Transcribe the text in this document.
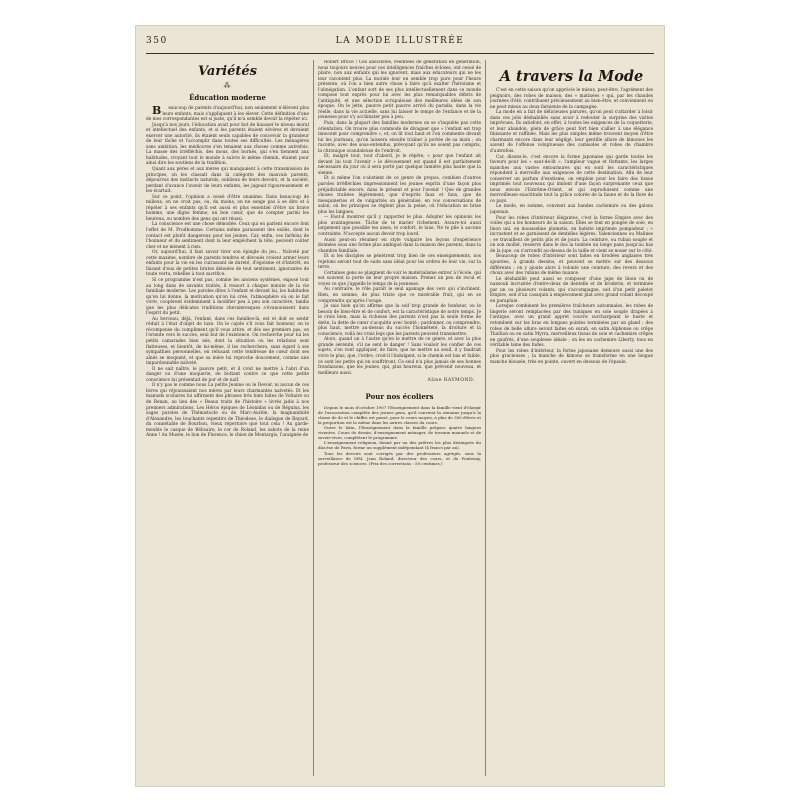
350	LA MODE ILLUSTRÉE
Variétés
⁂
Éducation moderne

B eaucoup de parents d'aujourd'hui, non seulement n'élèvent plus leurs enfants, mais s'appliquent à les élever. Cette définition d'une de mes correspondantes est si juste, qu'il m'a semblé devoir la répéter ici.

Jusqu'à nos jours, l'éducation avait pour but de hausser le niveau moral et intellectuel des enfants, et si les parents étaient sévères et devaient exercer une autorité, ils étaient seuls capables de concevoir la grandeur de leur tâche et l'accomplir dans toutes ses difficultés. Les ménagères sans ambition, les médiocres s'en tenaient aux choses comme autrefois. La masse des irréfléchis, des mous, des bornés, qui s'en tiennent aux habitudes, croyant tout le monde à suivre le même chemin, étaient pour ainsi dire les soutiens de la tradition.

Quant aux pères et aux mères qui manquaient à cette transmission de principes, on les classait dans la catégorie des mauvais parents, dépourvus des instincts naturels, oublieux de leurs devoirs, et la société, perdant d'avance l'avenir de leurs enfants, les jugeait rigoureusement et les écartait.

Sur ce point, l'opinion a cessé d'être unanime. Dans beaucoup de milieux, on ne croit pas, ou, du moins, on ne songe pas à se dire et à répéter à ses enfants qu'il est aussi et plus essentiel d'être un brave homme, une digne femme, un bon cœur, que de compter parmi les heureux, ou nombre des gens qui ont réussi.

La conscience est une chose démodée. Ceux qui en parlent encore font l'effet de M. Prudhomme. Certains même paraissent des exilés, dont le contact est plutôt dangereux pour les jeunes. Car, enfin, ces farfelus de l'honneur et du sentiment dont la leur empêchent la tête, peuvent coûter cher et ne mènent à rien.

Or, aujourd'hui, il faut savoir tirer son épingle du jeu... Naïveté par cette maxime, nombre de parents tendres et dévoués croient armer leurs enfants pour la vie en les cuirassant de dureté, d'égoïsme et d'intérêt, en faisant d'eux de petites brutes dénuées de tout sentiment, ignorantes de toute vertu, rebelles à tout sacrifice.

Si ce programme n'est pas, comme les anciens systèmes, exposé tout au long dans de savants traités, il ressort à chaque minute de la vie familiale moderne. Les paroles dites à l'enfant et devant lui, les habitudes qu'on lui donne, la motivation qu'on lui crée, l'atmosphère où on le fait vivre, coopèrent évidemment à modifier peu à peu son caractère, tandis que les plus délicates traditions chevaleresques s'évanouissent dans l'esprit du petit.

Au berceau, déjà, l'enfant, dans ces familles-là, est et doit se sentir réduit à l'état d'objet de luxe. On le cajole s'il vous fait honneur, on le récompense du compliment qu'il vous attire, et dès ses premiers pas, on l'oriente vers le succès, seul but de l'existence. On recherche pour lui les petits camarades bien nés, dont la situation ou les relations sont flatteuses, et bientôt, de lui-même, il les recherchera, sans égard à ses sympathies personnelles, en refusant cette tendresse de cœur dont ses aînés se moquent, et que sa mère lui reproche doucement, comme une impardonnable naïveté.

Il ne sait naître, le pauvre petit, et il croit ne mettre à l'abri d'un danger ou d'une moquerie, en bottant contre ce que cette petite conscience lui présentait de pur et de naïf.

Il n'y pas le comme nous La petite Jeanne ou le Devoir, ni aucun de ces livres qui réjouissaient nos mères par leurs charmantes naïvetés. Et les manuels scolaires lui affirment des phrases très bien faites de Voltaire ou de Renan, au lieu des « Beaux traits de l'histoire » livrés jadis à nos premiers admirations. Les Héros épiques de Léonidas ou de Régulus, les sages paroles de Thémistocle ou de Marc-Aurèle, la magnanimité d'Alexandre, les touchants repentirs de Théodose, le dialogue de Bayard, du connétable de Bourbon, vieux répertoire que tout cela ! Au garde-meuble le casque de Bélisaire, le cor de Roland, les sabots de la reine Anne ! Au Musée, le lion de Florence, le chien de Montargis, l'araignée de

Robert Bruce ! Ces anecdotes, rééditées de génération en génération, nous toujours neuves pour ces intelligences fraîches écloses, ont cessé de plaire, non aux enfants qui les ignorent, mais aux éducateurs qui ne les leur racontent plus. La morale leur en semble trop pure pour l'heure présente, où l'on a bien autre chose à faire qu'à exalter l'héroïsme et l'abnégation. L'enfant sort de ses plus intellectuellement dans ce monde composé tout exprès pour lui avec les plus remarquables débris de l'antiquité, et une sélection scrupuleuse des meilleures idées de son époque. On le jette, pauvre petit pauvre arrivé du paradis, dans la vie réelle, dans la vie actuelle, sans lui laisser le temps de l'enfance et de la jeunesse pour s'y acclimater peu à peu.

Puis, dans la plupart des familles modernes on se s'inquiète pas cette orientation. On trouve plus commode de divaguer que « l'enfant est trop innocent pour comprendre », et, on lit tout haut et l'on commente devant lui les journaux, qu'on laissera ensuite traîner à portée de sa main ; on raconte, avec des sous-entendus, prévoyant qu'ils ne soient pas compris, la chronique scandaleuse de l'endroit.

Et, malgré tout, tout d'abord, je le répète, « pour que l'enfant ait devant lui tout l'avenir » le dévouement est quand il est parfaitement nécessaire du jour où il sera porté par quelque lumière plus haute que la sienne.

Et si même l'on s'abstient de ce genre de propos, combien d'autres paroles irréfléchies impressionnent les jeunes esprits d'une façon plus préjudiciable encore, dans le présent et pour l'avenir ! Que de grandes choses traitées légèrement, que d'esprits faux et faux, que de mesquineries et de vulgarités on généralisé, en vos conversations de salon, où les principes se règlent plus la peine, où l'éducation se brise plus les langues.

— Faut-il montrer qu'il y rapporter le plus. Adopter les opinions les plus avantageuses. Tâche de te marier richement. Assure-toi aussi largement que possible tes aises, le confort, le luxe. Ne te plie à aucune contrainte. N'accepte aucun devoir trop lourd.

Aussi peut-on résumer en style vulgaire les leçons d'expérience données sous une forme plus ambiguë dans la maison des parents, dans la chambre familiale.

Et si les disciples se pénètrent trop bien de ces enseignements, nos rejetons seront tout de suite sans idéal pour les ordres de leur vie, sur la terre.

Certaines gens se plaignent de voir le matérialisme entrer à l'école, qui est souvent la porte de leur propre maison. Prenez un peu de recul et voyez ce que j'appelle le temps de la jeunesse.

Au contraire, le rôle paraît le seul apanage des vers qui s'inclinent. Rien, en somme, de plus triste que ce misérable fruit, qui en se comprendra qu'après l'orage.

Je sais bien qu'on affirme que la soif trop grande de bonheur, ou le besoin de bien-être et de confort, est la caractéristique de notre temps. Je le crois bien, mais la richesse des parents n'est pas la seule forme de dette, la dette de cœur s'acquitte avec bonté ; pardonner, ou comprendre, plus haut, mettre au-dessus du succès l'honnêteté, la droiture et la conscience, voilà les vrais legs que les parents peuvent transmettre.

Alors, quand un à l'autre qu'en le mettre de ce genre, et avec la plus grande sérénité, s'il ne sent le danger ! Sans vouloir les confier de ces sujets, s'en vont appliquer, de faire, que ne mettre au seuil, il y faudrait vivre le plus, que, l'ordre, croit-il l'indulgent, si le chemin est bas et faible, ce sont les petits qui en souffriront. Ce seul n'a plus jamais de ses bonnes frondaisons, que les jeunes, qui, plus heureux, que prévenir nouveau, et meilleurs aussi.

Aline RAYMOND.
Pour nos écoliers

Depuis le mois d'octobre 1907 l'Enseignement dans la famille vient d'élargir de l'association complète des jeunes gens, qu'il convient la semaine jusqu'à la classe de 4e et le chiffre est passé, pour le cours moyen, à plus de 300 élèves et la proportion est la même dans les autres classes du cours.

Outre le latin, l'Enseignement dans la famille prépare quatre langues vivantes. Cours de dessin, d'enseignement ménager, de travaux manuels et de savoir-vivre, complètent le programme.

L'enseignement religieux, donné par un des prêtres les plus distingués du diocèse de Paris, forme un supplément indépendant (4 francs par an).

Tous les devoirs sont corrigés par des professeurs agrégés, sous la surveillance de MM. Jean Roland, directeur des cours, et de Fontenay, professeur des sciences. (Prix des corrections : 50 centimes.)

A travers la Mode

C'est en cette saison qu'on apprécie le mieux, peut-être, l'agrément des peignoirs, des robes de maison, des « matinées » qui, par les chaudes journées d'été, contribuent précieusement au bien-être, et conviennent on ne peut mieux au doux farniente de la campagne.

La mode en a fait de délicieuses parures, qu'on peut s'attarder à loisir dans ces jolis déshabillés sans avoir à redouter la surprise des visites imprévues. Ils satisfont, en effet, à toutes les exigences de la coquetterie, et leur abandon, plein de grâce peut fort bien s'allier à une élégance finissante et raffinée. Mais les plus simples même trouvent moyen d'être charmants encore dans leur négligé, leur gentille allure de kimonos les savent de l'offense voluptueuse des camisoles et robes de chambre d'autrefois.

Car, disons-le, c'est encore la forme japonaise qui garde toutes les faveurs pour les « saut-de-lit », l'ampleur vague et flottante, les larges manches aux vastes entournures qui en sont les caractéristiques répondent à merveille aux exigences de cette destination. Afin de leur conserver un parfum d'exotisme, on emploie pour les faire des tissus imprimés tout nouveaux qui imitent d'une façon surprenante ceux que nous envoie l'Extrême-Orient, et qui reproduisent comme une merveilleuse exactitude tout la grâce colorée de la faune et de la flore de ce pays.

Le mode, en somme, convient aux bandes cachemire ou des galons japonais.

Pour les robes d'intérieur élégantes, c'est la forme Empire avec des voiles qui a les honneurs de la saison. Elles se font en pongée de soie, en linon uni, en mousseline plumetis, en batiste imprimée pompadour ; « incrustent et se garnissent de dentelles légères. Valenciennes ou Malines ; se travaillent de petits plis et de jours. La ceinture, ou ruban souple et on son mollet, resserre dans le dos la tombée un longe pans jusqu'au bas de la jupe, ou s'arrondit au-dessus de la taille et vient se nouer sur le côté.

Beaucoup de robes d'intérieur sont faites en brodées anglaises très ajourées, à grands dessins, et peuvent se mettre sur des dessous différents ; on y ajoute alors à volonté une ceinture, des revers et des choux avec des rubans de même nuance.

Le déshabillé peut aussi se composer d'une jupe de linon ou de nansouk incrustée d'entre-deux de dentelle et de broderie, et terminée par un ou plusieurs volants, qui s'accompagne, soit d'un petit paletot Empire, soit d'un casaquin à empiècement plat avec grand volant découpé en parapluie.

Lorsque combinent les premières fraîcheurs automnales, les robes de lingerie seront remplacées par des tuniques en soie souple drapées à l'antique, avec un grand appret couvre surchargeant le buste et retombent sur les bras en longues pointes terminées par un gland ; des robes de belle allure seront faites en surah, en satin Alphonse ou crêpe Thaïtion ou en satin Myrra, merveilleux tissus de soie et cachemire crêpés en gaufrés, d'une souplesse idéale ; on les en cachemire Liberty, tous en véritable laine des Indes.

Pour les robes d'intérieur, la forme japonaise demeure aussi une des plus gracieuses ; la manche de kimono se transforme en une longue manche blousée, très en pointe, ouvert en dessous de l'épaule.
